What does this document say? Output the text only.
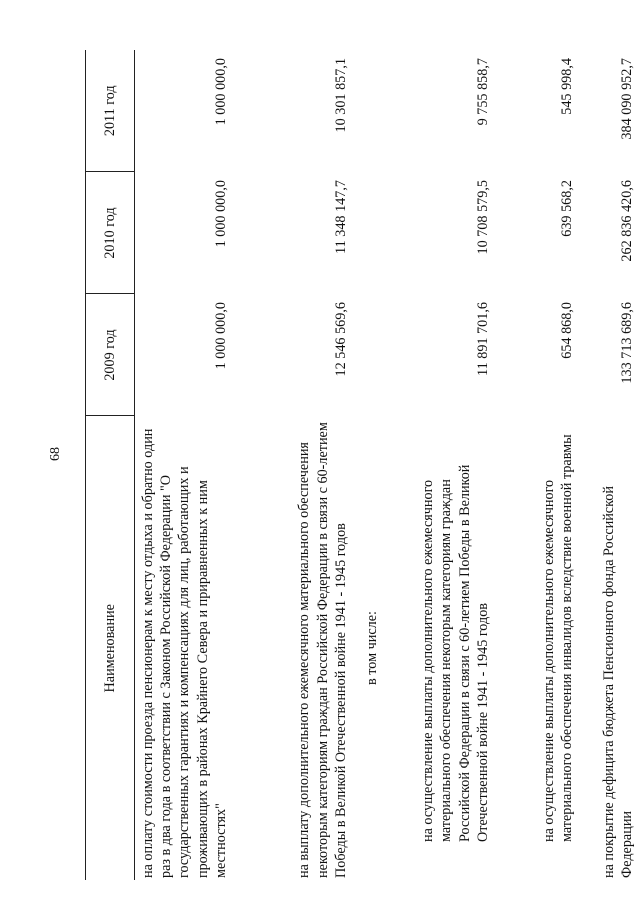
68
Наименование	2009 год	2010 год	2011 год
на оплату стоимости проезда пенсионерам к месту отдыха и обратно один раз в два года в соответствии с Законом Российской Федерации "О государственных гарантиях и компенсациях для лиц, работающих и проживающих в районах Крайнего Севера и приравненных к ним местностях"	1 000 000,0	1 000 000,0	1 000 000,0
на выплату дополнительного ежемесячного материального обеспечения некоторым категориям граждан Российской Федерации в связи с 60-летием Победы в Великой Отечественной войне 1941 - 1945 годов	12 546 569,6	11 348 147,7	10 301 857,1
в том числе:			
на осуществление выплаты дополнительного ежемесячного материального обеспечения некоторым категориям граждан Российской Федерации в связи с 60-летием Победы в Великой Отечественной войне 1941 - 1945 годов	11 891 701,6	10 708 579,5	9 755 858,7
на осуществление выплаты дополнительного ежемесячного материального обеспечения инвалидов вследствие военной травмы	654 868,0	639 568,2	545 998,4
на покрытие дефицита бюджета Пенсионного фонда Российской Федерации	133 713 689,6	262 836 420,6	384 090 952,7
